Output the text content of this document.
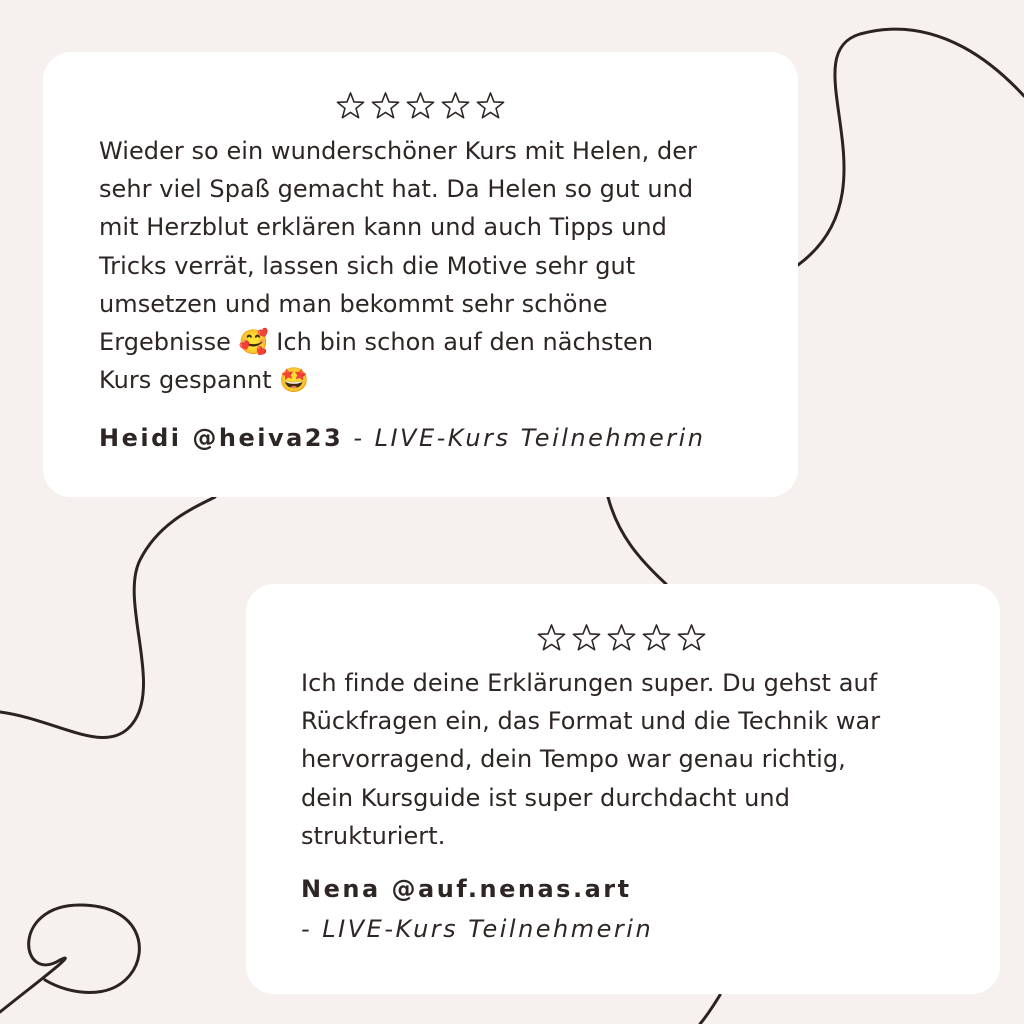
Wieder so ein wunderschöner Kurs mit Helen, der
sehr viel Spaß gemacht hat. Da Helen so gut und
mit Herzblut erklären kann und auch Tipps und
Tricks verrät, lassen sich die Motive sehr gut
umsetzen und man bekommt sehr schöne
Ergebnisse 🥰 Ich bin schon auf den nächsten
Kurs gespannt 🤩

Heidi @heiva23 - LIVE-Kurs Teilnehmerin

Ich finde deine Erklärungen super. Du gehst auf
Rückfragen ein, das Format und die Technik war
hervorragend, dein Tempo war genau richtig,
dein Kursguide ist super durchdacht und
strukturiert.

Nena @auf.nenas.art
- LIVE-Kurs Teilnehmerin
